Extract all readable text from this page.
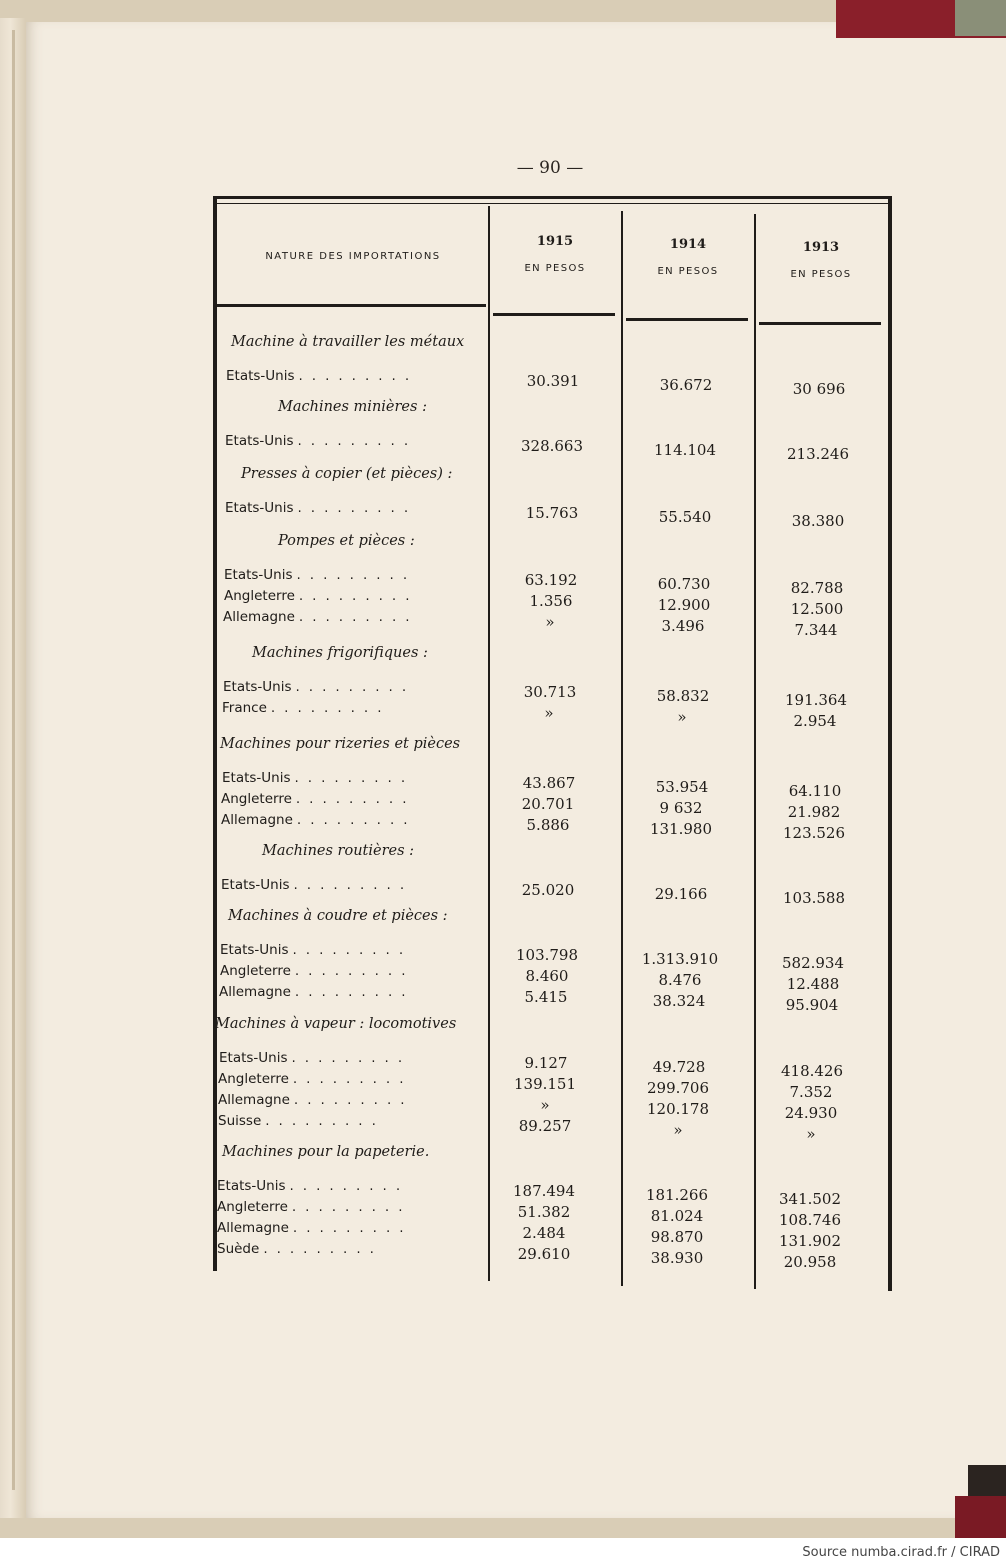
— 90 —
NATURE DES IMPORTATIONS
1915
EN PESOS
1914
EN PESOS
1913
EN PESOS
Machine à travailler les métaux
Etats-Unis .........	30.391	36.672	30 696
Machines minières :
Etats-Unis .........	328.663	114.104	213.246
Presses à copier (et pièces) :
Etats-Unis .........	15.763	55.540	38.380
Pompes et pièces :
Etats-Unis .........	63.192	60.730	82.788
Angleterre .........	1.356	12.900	12.500
Allemagne .........	»	3.496	7.344
Machines frigorifiques :
Etats-Unis .........	30.713	58.832	191.364
France .........	»	»	2.954
Machines pour rizeries et pièces
Etats-Unis .........	43.867	53.954	64.110
Angleterre .........	20.701	9 632	21.982
Allemagne .........	5.886	131.980	123.526
Machines routières :
Etats-Unis .........	25.020	29.166	103.588
Machines à coudre et pièces :
Etats-Unis .........	103.798	1.313.910	582.934
Angleterre .........	8.460	8.476	12.488
Allemagne .........	5.415	38.324	95.904
Machines à vapeur : locomotives
Etats-Unis .........	9.127	49.728	418.426
Angleterre .........	139.151	299.706	7.352
Allemagne .........	»	120.178	24.930
Suisse .........	89.257	»	»
Machines pour la papeterie.
Etats-Unis .........	187.494	181.266	341.502
Angleterre .........	51.382	81.024	108.746
Allemagne .........	2.484	98.870	131.902
Suède .........	29.610	38.930	20.958
Source numba.cirad.fr / CIRAD
